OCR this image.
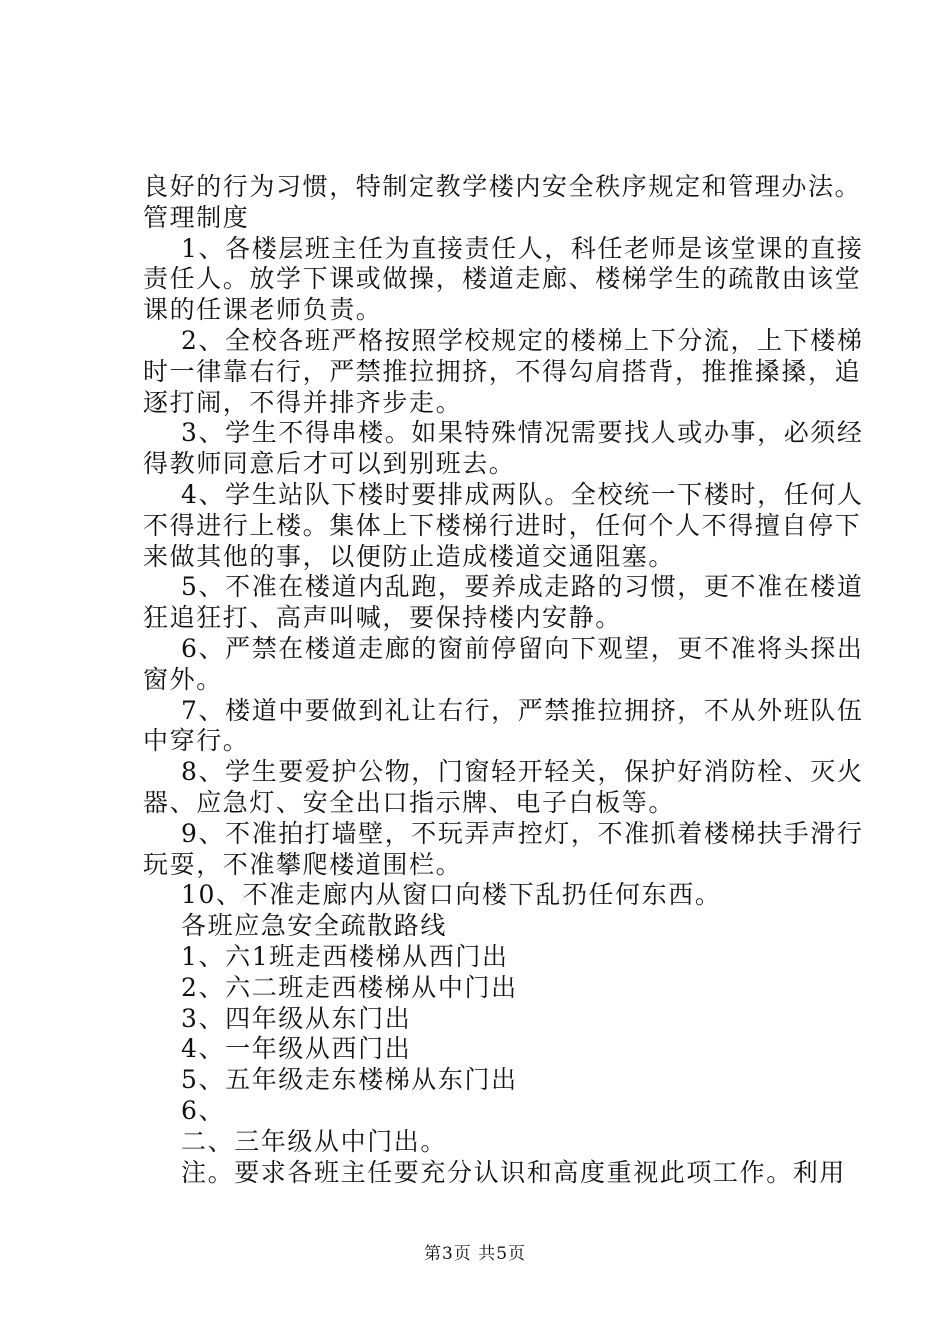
良好的行为习惯，特制定教学楼内安全秩序规定和管理办法。
管理制度
1、各楼层班主任为直接责任人，科任老师是该堂课的直接
责任人。放学下课或做操，楼道走廊、楼梯学生的疏散由该堂
课的任课老师负责。
2、全校各班严格按照学校规定的楼梯上下分流，上下楼梯
时一律靠右行，严禁推拉拥挤，不得勾肩搭背，推推搡搡，追
逐打闹，不得并排齐步走。
3、学生不得串楼。如果特殊情况需要找人或办事，必须经
得教师同意后才可以到别班去。
4、学生站队下楼时要排成两队。全校统一下楼时，任何人
不得进行上楼。集体上下楼梯行进时，任何个人不得擅自停下
来做其他的事，以便防止造成楼道交通阻塞。
5、不准在楼道内乱跑，要养成走路的习惯，更不准在楼道
狂追狂打、高声叫喊，要保持楼内安静。
6、严禁在楼道走廊的窗前停留向下观望，更不准将头探出
窗外。
7、楼道中要做到礼让右行，严禁推拉拥挤，不从外班队伍
中穿行。
8、学生要爱护公物，门窗轻开轻关，保护好消防栓、灭火
器、应急灯、安全出口指示牌、电子白板等。
9、不准拍打墙壁，不玩弄声控灯，不准抓着楼梯扶手滑行
玩耍，不准攀爬楼道围栏。
10、不准走廊内从窗口向楼下乱扔任何东西。
各班应急安全疏散路线
1、六1班走西楼梯从西门出
2、六二班走西楼梯从中门出
3、四年级从东门出
4、一年级从西门出
5、五年级走东楼梯从东门出
6、
二、三年级从中门出。
注。要求各班主任要充分认识和高度重视此项工作。利用
第3页 共5页
